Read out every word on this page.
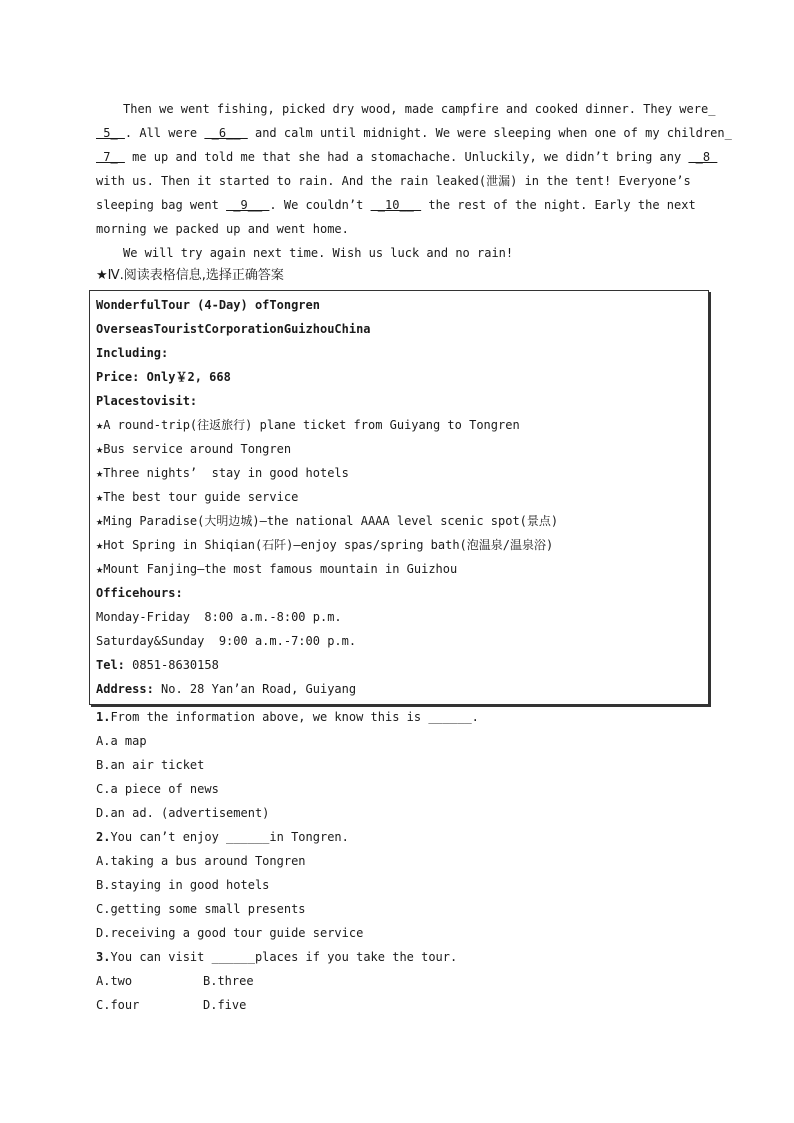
Then we went fishing, picked dry wood, made campfire and cooked dinner. They were_
5_ . All were  _6__  and calm until midnight. We were sleeping when one of my children_
7_  me up and told me that she had a stomachache. Unluckily, we didn’t bring any  _8
with us. Then it started to rain. And the rain leaked(泄漏) in the tent! Everyone’s
sleeping bag went  _9__ . We couldn’t  _10__  the rest of the night. Early the next
morning we packed up and went home.
We will try again next time. Wish us luck and no rain!
★Ⅳ.阅读表格信息,选择正确答案
WonderfulTour (4-Day) ofTongren
OverseasTouristCorporationGuizhouChina
Including:
Price: Only￥2, 668
Placestovisit:
★A round-trip(往返旅行) plane ticket from Guiyang to Tongren
★Bus service around Tongren
★Three nights’  stay in good hotels
★The best tour guide service
★Ming Paradise(大明边城)—the national AAAA level scenic spot(景点)
★Hot Spring in Shiqian(石阡)—enjoy spas/spring bath(泡温泉/温泉浴)
★Mount Fanjing—the most famous mountain in Guizhou
Officehours:
Monday-Friday  8:00 a.m.-8:00 p.m.
Saturday&Sunday  9:00 a.m.-7:00 p.m.
Tel: 0851-8630158
Address: No. 28 Yan’an Road, Guiyang
1.From the information above, we know this is ______.
A.a map
B.an air ticket
C.a piece of news
D.an ad. (advertisement)
2.You can’t enjoy ______in Tongren.
A.taking a bus around Tongren
B.staying in good hotels
C.getting some small presents
D.receiving a good tour guide service
3.You can visit ______places if you take the tour.
A.two	B.three
C.four	D.five
